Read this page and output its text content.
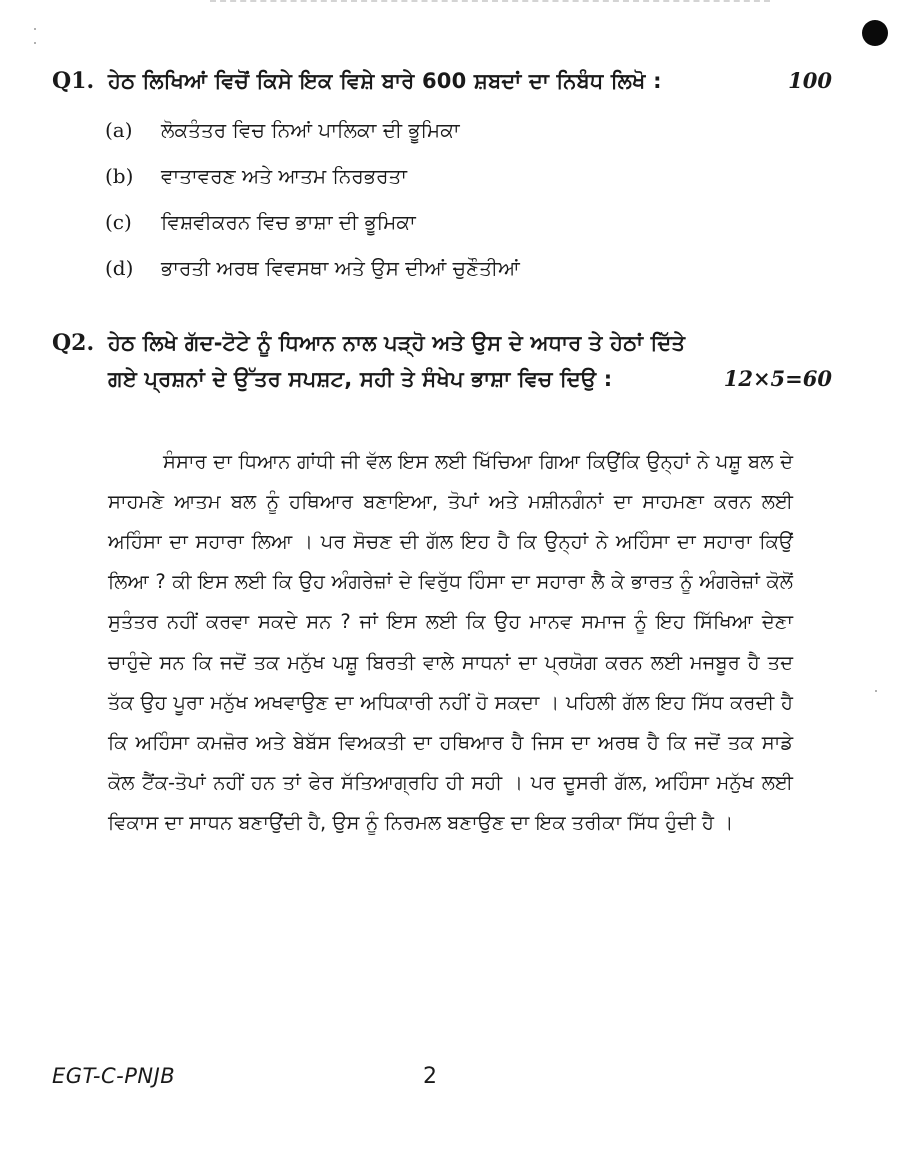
Q1. ਹੇਠ ਲਿਖਿਆਂ ਵਿਚੋਂ ਕਿਸੇ ਇਕ ਵਿਸ਼ੇ ਬਾਰੇ 600 ਸ਼ਬਦਾਂ ਦਾ ਨਿਬੰਧ ਲਿਖੋ :	100
(a)	ਲੋਕਤੰਤਰ ਵਿਚ ਨਿਆਂ ਪਾਲਿਕਾ ਦੀ ਭੂਮਿਕਾ
(b)	ਵਾਤਾਵਰਣ ਅਤੇ ਆਤਮ ਨਿਰਭਰਤਾ
(c)	ਵਿਸ਼ਵੀਕਰਨ ਵਿਚ ਭਾਸ਼ਾ ਦੀ ਭੂਮਿਕਾ
(d)	ਭਾਰਤੀ ਅਰਥ ਵਿਵਸਥਾ ਅਤੇ ਉਸ ਦੀਆਂ ਚੁਣੌਤੀਆਂ
Q2. ਹੇਠ ਲਿਖੇ ਗੱਦ-ਟੋਟੇ ਨੂੰ ਧਿਆਨ ਨਾਲ ਪੜ੍ਹੋ ਅਤੇ ਉਸ ਦੇ ਅਧਾਰ ਤੇ ਹੇਠਾਂ ਦਿੱਤੇ
ਗਏ ਪ੍ਰਸ਼ਨਾਂ ਦੇ ਉੱਤਰ ਸਪਸ਼ਟ, ਸਹੀ ਤੇ ਸੰਖੇਪ ਭਾਸ਼ਾ ਵਿਚ ਦਿਉ :	12×5=60

ਸੰਸਾਰ ਦਾ ਧਿਆਨ ਗਾਂਧੀ ਜੀ ਵੱਲ ਇਸ ਲਈ ਖਿੱਚਿਆ ਗਿਆ ਕਿਉਂਕਿ ਉਨ੍ਹਾਂ ਨੇ ਪਸ਼ੂ ਬਲ ਦੇ ਸਾਹਮਣੇ ਆਤਮ ਬਲ ਨੂੰ ਹਥਿਆਰ ਬਣਾਇਆ, ਤੋਪਾਂ ਅਤੇ ਮਸ਼ੀਨਗੰਨਾਂ ਦਾ ਸਾਹਮਣਾ ਕਰਨ ਲਈ ਅਹਿੰਸਾ ਦਾ ਸਹਾਰਾ ਲਿਆ । ਪਰ ਸੋਚਣ ਦੀ ਗੱਲ ਇਹ ਹੈ ਕਿ ਉਨ੍ਹਾਂ ਨੇ ਅਹਿੰਸਾ ਦਾ ਸਹਾਰਾ ਕਿਉਂ ਲਿਆ ? ਕੀ ਇਸ ਲਈ ਕਿ ਉਹ ਅੰਗਰੇਜ਼ਾਂ ਦੇ ਵਿਰੁੱਧ ਹਿੰਸਾ ਦਾ ਸਹਾਰਾ ਲੈ ਕੇ ਭਾਰਤ ਨੂੰ ਅੰਗਰੇਜ਼ਾਂ ਕੋਲੋਂ ਸੁਤੰਤਰ ਨਹੀਂ ਕਰਵਾ ਸਕਦੇ ਸਨ ? ਜਾਂ ਇਸ ਲਈ ਕਿ ਉਹ ਮਾਨਵ ਸਮਾਜ ਨੂੰ ਇਹ ਸਿੱਖਿਆ ਦੇਣਾ ਚਾਹੁੰਦੇ ਸਨ ਕਿ ਜਦੋਂ ਤਕ ਮਨੁੱਖ ਪਸ਼ੂ ਬਿਰਤੀ ਵਾਲੇ ਸਾਧਨਾਂ ਦਾ ਪ੍ਰਯੋਗ ਕਰਨ ਲਈ ਮਜਬੂਰ ਹੈ ਤਦ ਤੱਕ ਉਹ ਪੂਰਾ ਮਨੁੱਖ ਅਖਵਾਉਣ ਦਾ ਅਧਿਕਾਰੀ ਨਹੀਂ ਹੋ ਸਕਦਾ । ਪਹਿਲੀ ਗੱਲ ਇਹ ਸਿੱਧ ਕਰਦੀ ਹੈ ਕਿ ਅਹਿੰਸਾ ਕਮਜ਼ੋਰ ਅਤੇ ਬੇਬੱਸ ਵਿਅਕਤੀ ਦਾ ਹਥਿਆਰ ਹੈ ਜਿਸ ਦਾ ਅਰਥ ਹੈ ਕਿ ਜਦੋਂ ਤਕ ਸਾਡੇ ਕੋਲ ਟੈਂਕ-ਤੋਪਾਂ ਨਹੀਂ ਹਨ ਤਾਂ ਫੇਰ ਸੱਤਿਆਗ੍ਰਹਿ ਹੀ ਸਹੀ । ਪਰ ਦੂਸਰੀ ਗੱਲ, ਅਹਿੰਸਾ ਮਨੁੱਖ ਲਈ ਵਿਕਾਸ ਦਾ ਸਾਧਨ ਬਣਾਉਂਦੀ ਹੈ, ਉਸ ਨੂੰ ਨਿਰਮਲ ਬਣਾਉਣ ਦਾ ਇਕ ਤਰੀਕਾ ਸਿੱਧ ਹੁੰਦੀ ਹੈ ।

EGT-C-PNJB	2
